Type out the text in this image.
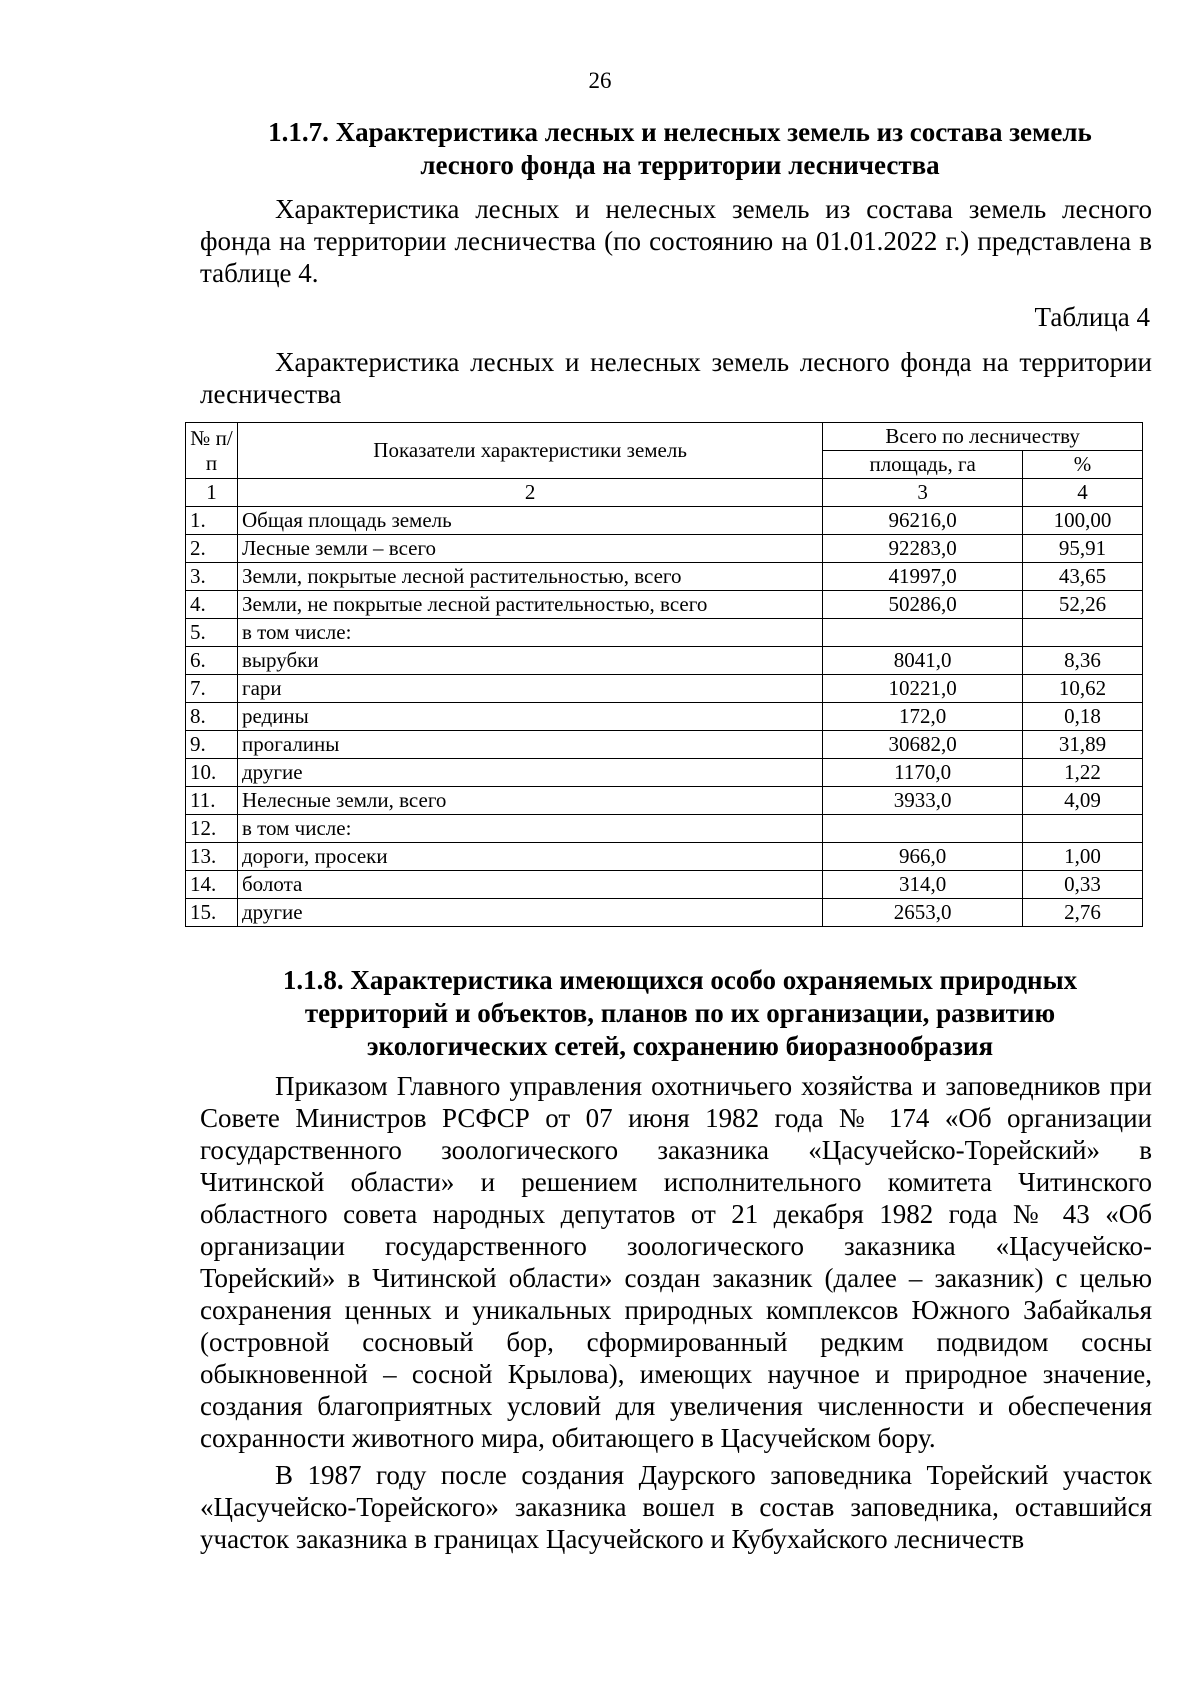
26
1.1.7. Характеристика лесных и нелесных земель из состава земель
лесного фонда на территории лесничества
Характеристика лесных и нелесных земель из состава земель лесного фонда на территории лесничества (по состоянию на 01.01.2022 г.) представлена в таблице 4.
Таблица 4
Характеристика лесных и нелесных земель лесного фонда на территории лесничества
№ п/п	Показатели характеристики земель	Всего по лесничеству	
		площадь, га	%
1	2	3	4
1.	Общая площадь земель	96216,0	100,00
2.	Лесные земли – всего	92283,0	95,91
3.	Земли, покрытые лесной растительностью, всего	41997,0	43,65
4.	Земли, не покрытые лесной растительностью, всего	50286,0	52,26
5.	в том числе:		
6.	вырубки	8041,0	8,36
7.	гари	10221,0	10,62
8.	редины	172,0	0,18
9.	прогалины	30682,0	31,89
10.	другие	1170,0	1,22
11.	Нелесные земли, всего	3933,0	4,09
12.	в том числе:		
13.	дороги, просеки	966,0	1,00
14.	болота	314,0	0,33
15.	другие	2653,0	2,76
1.1.8. Характеристика имеющихся особо охраняемых природных
территорий и объектов, планов по их организации, развитию
экологических сетей, сохранению биоразнообразия
Приказом Главного управления охотничьего хозяйства и заповедников при Совете Министров РСФСР от 07 июня 1982 года № 174 «Об организации государственного зоологического заказника «Цасучейско-Торейский» в Читинской области» и решением исполнительного комитета Читинского областного совета народных депутатов от 21 декабря 1982 года № 43 «Об организации государственного зоологического заказника «Цасучейско-Торейский» в Читинской области» создан заказник (далее – заказник) с целью сохранения ценных и уникальных природных комплексов Южного Забайкалья (островной сосновый бор, сформированный редким подвидом сосны обыкновенной – сосной Крылова), имеющих научное и природное значение, создания благоприятных условий для увеличения численности и обеспечения сохранности животного мира, обитающего в Цасучейском бору.
В 1987 году после создания Даурского заповедника Торейский участок «Цасучейско-Торейского» заказника вошел в состав заповедника, оставшийся участок заказника в границах Цасучейского и Кубухайского лесничеств
